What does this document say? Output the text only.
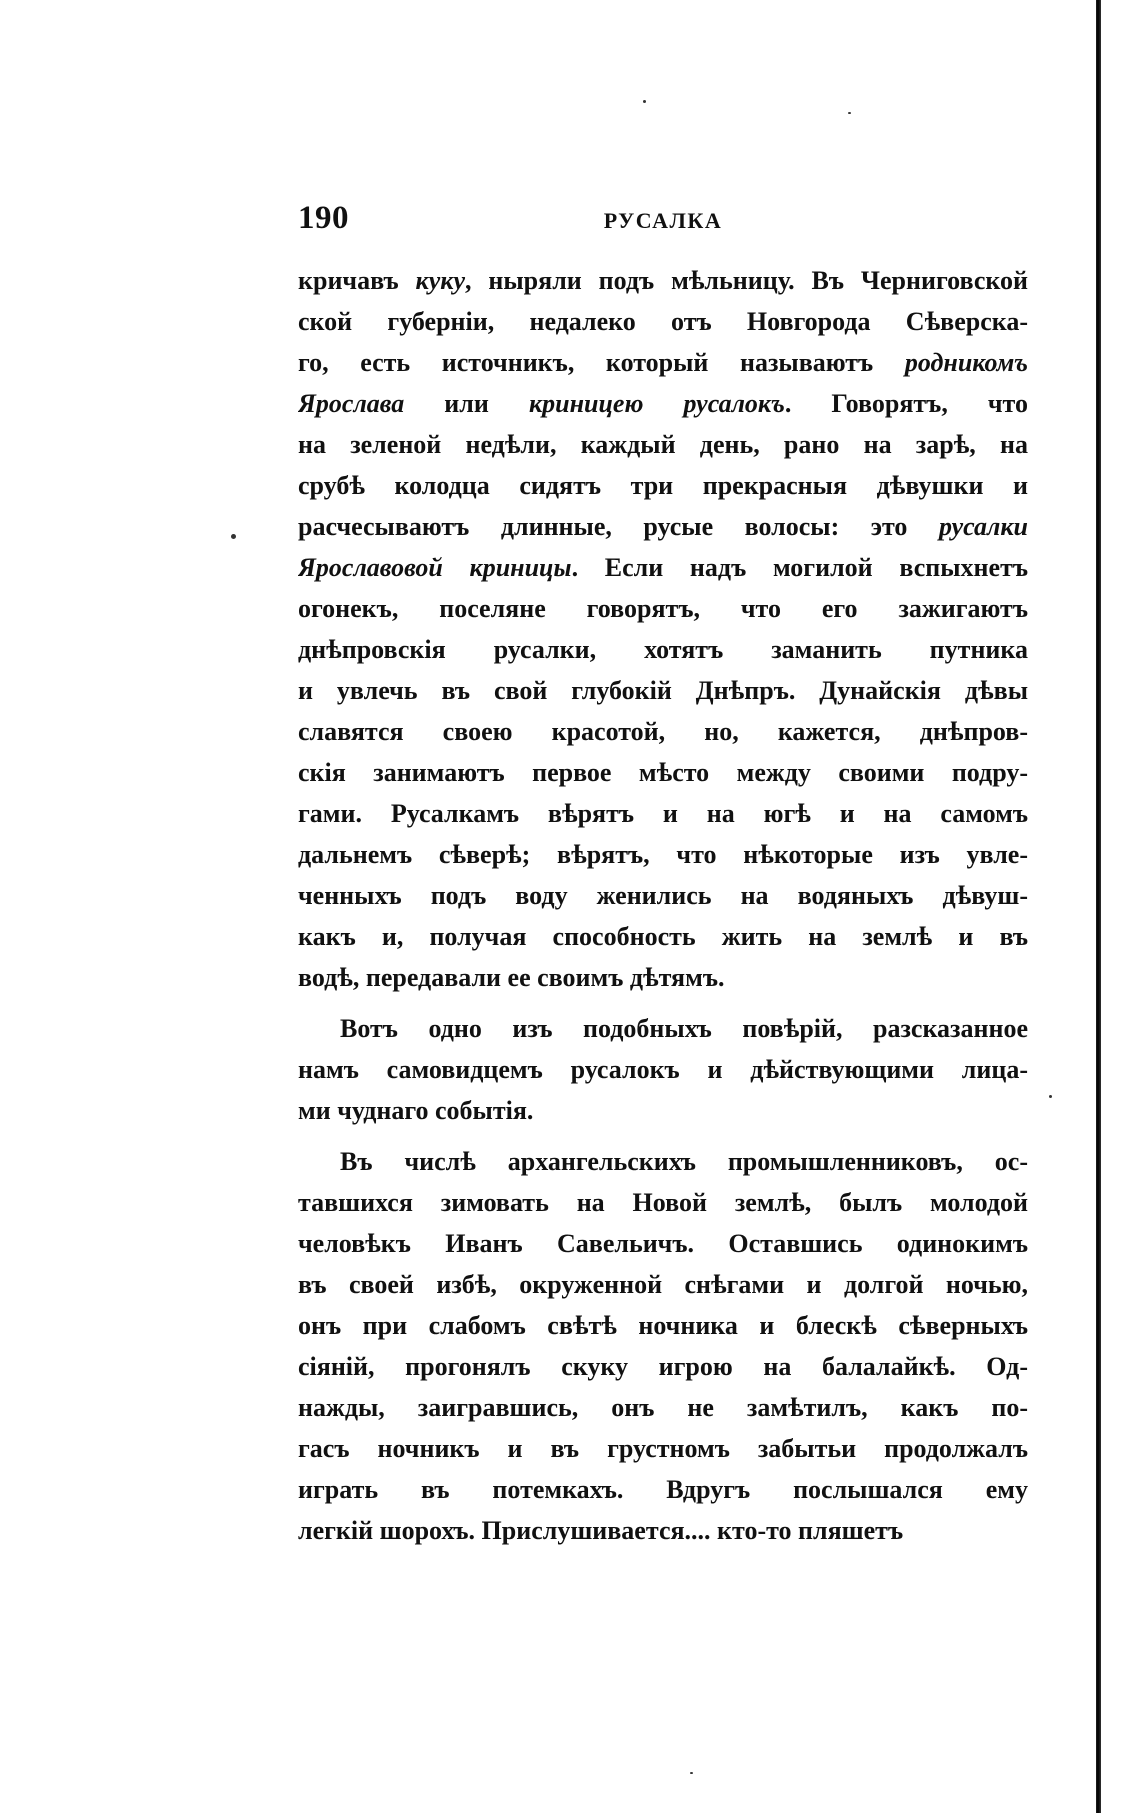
190	РУСАЛКА
кричавъ куку, ныряли подъ мѣльницу. Въ Черниговской
ской губерніи, недалеко отъ Новгорода Сѣверска-
го, есть источникъ, который называютъ родникомъ
Ярослава или криницею русалокъ. Говорятъ, что
на зеленой недѣли, каждый день, рано на зарѣ, на
срубѣ колодца сидятъ три прекрасныя дѣвушки и
расчесываютъ длинные, русые волосы: это русалки
Ярославовой криницы. Если надъ могилой вспыхнетъ
огонекъ, поселяне говорятъ, что его зажигаютъ
днѣпровскія русалки, хотятъ заманить путника
и увлечь въ свой глубокій Днѣпръ. Дунайскія дѣвы
славятся своею красотой, но, кажется, днѣпров-
скія занимаютъ первое мѣсто между своими подру-
гами. Русалкамъ вѣрятъ и на югѣ и на самомъ
дальнемъ сѣверѣ; вѣрятъ, что нѣкоторые изъ увле-
ченныхъ подъ воду женились на водяныхъ дѣвуш-
какъ и, получая способность жить на землѣ и въ
водѣ, передавали ее своимъ дѣтямъ.
Вотъ одно изъ подобныхъ повѣрій, разсказанное
намъ самовидцемъ русалокъ и дѣйствующими лица-
ми чуднаго событія.
Въ числѣ архангельскихъ промышленниковъ, ос-
тавшихся зимовать на Новой землѣ, былъ молодой
человѣкъ Иванъ Савельичъ. Оставшись одинокимъ
въ своей избѣ, окруженной снѣгами и долгой ночью,
онъ при слабомъ свѣтѣ ночника и блескѣ сѣверныхъ
сіяній, прогонялъ скуку игрою на балалайкѣ. Од-
нажды, заигравшись, онъ не замѣтилъ, какъ по-
гасъ ночникъ и въ грустномъ забытьи продолжалъ
играть въ потемкахъ. Вдругъ послышался ему
легкій шорохъ. Прислушивается.... кто-то пляшетъ
